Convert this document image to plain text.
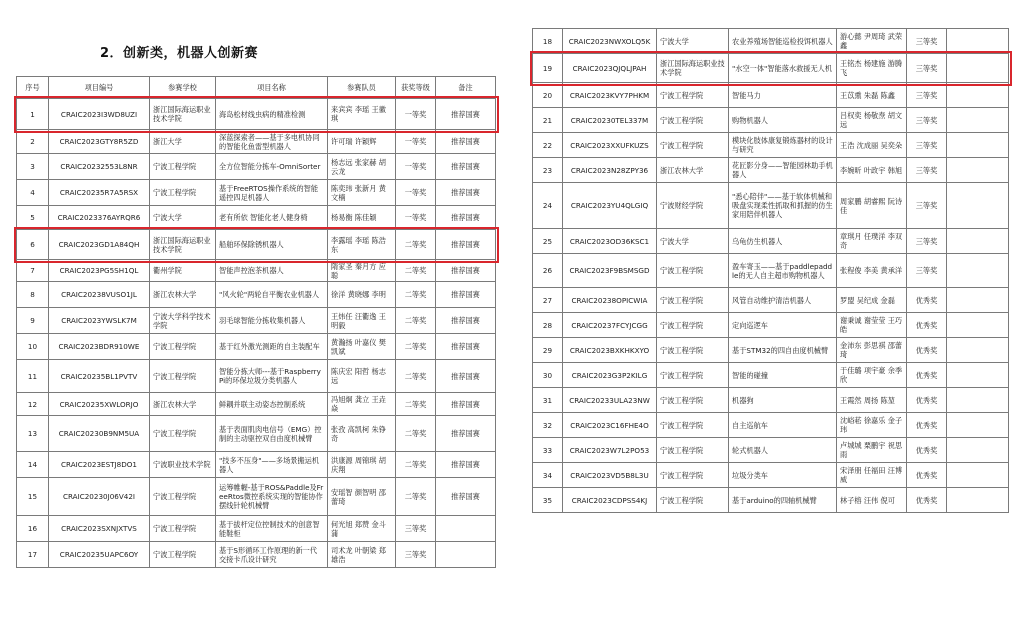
2．创新类，机器人创新赛
序号	项目编号	参赛学校	项目名称	参赛队员	获奖等级	备注
1	CRAIC2023I3WD8UZI	浙江国际海运职业技术学院	海岛松材线虫病的精准检测	来宾宾 李瑶 王徽琪	一等奖	推荐国赛
2	CRAIC2023GTY8R5ZD	浙江大学	深蓝探索者——基于多电机协同的智能化鱼雷型机器人	许可瑞 许颖辉	一等奖	推荐国赛
3	CRAIC20232553L8NR	宁波工程学院	全方位智能分拣车-OmniSorter	杨志远 张家赫 胡云龙	一等奖	推荐国赛
4	CRAIC20235R7A5RSX	宁波工程学院	基于FreeRTOS操作系统的智能遥控四足机器人	陈奕玮 张新月 黄文楠	一等奖	推荐国赛
5	CRAIC2023376AYRQR6	宁波大学	老有所依 智能化老人健身椅	杨易衡 陈佳颖	一等奖	推荐国赛
6	CRAIC2023GD1A84QH	浙江国际海运职业技术学院	船舶环保除锈机器人	李露瑶 李瑶 陈浩东	二等奖	推荐国赛
7	CRAIC2023PG5SH1QL	衢州学院	智能声控泡茶机器人	隋家圣 秦月方 应聪	二等奖	推荐国赛
8	CRAIC20238VUSO1JL	浙江农林大学	"风火轮"两轮自平衡农业机器人	徐洋 黄晓娜 李明	二等奖	推荐国赛
9	CRAIC2023YWSLK7M	宁波大学科学技术学院	羽毛球智能分拣收集机器人	王炜任 汪衢逸 王明毅	二等奖	推荐国赛
10	CRAIC2023BDR910WE	宁波工程学院	基于红外激光测距的自主装配车	黄瀚扬 叶嘉仪 樊凯斌	二等奖	推荐国赛
11	CRAIC20235BL1PVTV	宁波工程学院	智能分拣大师---基于Raspberry Pi的环保垃圾分类机器人	陈庆宏 阳哲 杨志远	二等奖	推荐国赛
12	CRAIC20235XWLORJO	浙江农林大学	鲜耦并联主动姿态控制系统	冯旭炯 龚立 王垚焱	二等奖	推荐国赛
13	CRAIC20230B9NM5UA	宁波工程学院	基于表面肌肉电信号（EMG）控制的主动驱控双自由度机械臂	张孜 高凯柯 朱铮奇	二等奖	推荐国赛
14	CRAIC2023ESTJ8DO1	宁波职业技术学院	"技多不压身"——多场景搬运机器人	洪康源 周锦琪 胡庆翔	二等奖	推荐国赛
15	CRAIC20230J06V42I	宁波工程学院	运筹帷幄-基于ROS&Paddle及FreeRtos微控系统实现的智能协作摆线针轮机械臂	安瑶智 颜智明 邵蕾琦	二等奖	推荐国赛
16	CRAIC2023SXNJXTVS	宁波工程学院	基于拔杆定位控制技术的创意智能鞋柜	何光旭 郑赞 金斗蒲	三等奖	
17	CRAIC20235UAPC6OY	宁波工程学院	基于S形循环工作原理的新一代交接卡爪设计研究	司术龙 叶朝梁 郑雄浩	三等奖	
18	CRAIC2023NWXOLQ5K	宁波大学	农业养殖场智能巡检投饵机器人	游心懿 尹周琦 武荣鑫	三等奖	
19	CRAIC2023QJQLJPAH	浙江国际海运职业技术学院	"水空一体"智能落水救援无人机	王铭杰 杨建施 游腾飞	三等奖	
20	CRAIC2023KVY7PHKM	宁波工程学院	智能马力	王苡熏 朱磊 陈鑫	三等奖	
21	CRAIC20230TEL337M	宁波工程学院	购物机器人	吕权奕 杨敬焘 胡文远	三等奖	
22	CRAIC2023XXUFKUZS	宁波工程学院	模块化肢体康复锻炼器材的设计与研究	王浩 沈成丽 吴奕朵	三等奖	
23	CRAIC2023N28ZPY36	浙江农林大学	花匠影分身——智能园林助手机器人	李婉昕 叶政宇 韩旭	三等奖	
24	CRAIC2023YU4QLGIQ	宁波财经学院	"悉心陪伴"——基于软体机械和吸盘实现柔性抓取和抓握的仿生家用陪伴机器人	周家鹏 胡睿熙 阮诗佳	三等奖	
25	CRAIC2023OD36KSC1	宁波大学	乌龟仿生机器人	章琪月 任璞洋 李双奇	三等奖	
26	CRAIC2023F9BSMSGD	宁波工程学院	盈车寄玉——基于paddlepaddle的无人自主超市购物机器人	张程俊 李美 黄承洋	三等奖	
27	CRAIC20238OPICWIA	宁波工程学院	风管自动维护清洁机器人	罗盟 吴纪成 金磊	优秀奖	
28	CRAIC20237FCYJCGG	宁波工程学院	定向巡逻车	谢秉诚 谢莹莹 王巧皓	优秀奖	
29	CRAIC2023BXKHKXYO	宁波工程学院	基于STM32的四自由度机械臂	金沛东 彭思祺 邵蕾琦	优秀奖	
30	CRAIC2023G3P2KILG	宁波工程学院	智能的碰撞	于佳璐 项宇豪 余季欣	优秀奖	
31	CRAIC20233ULA23NW	宁波工程学院	机器狗	王霞然 周扬 陈堃	优秀奖	
32	CRAIC2023C16FHE4O	宁波工程学院	自主巡航车	沈峪菘 徐嘉乐 金子玮	优秀奖	
33	CRAIC2023W7L2PO53	宁波工程学院	轮式机器人	卢城城 栗鹏宇 祝思雨	优秀奖	
34	CRAIC2023VD5B8L3U	宁波工程学院	垃圾分类车	宋泽朋 任福田 汪博威	优秀奖	
35	CRAIC2023CDPSS4KJ	宁波工程学院	基于arduino的四轴机械臂	林子榕 汪伟 倪可	优秀奖	
